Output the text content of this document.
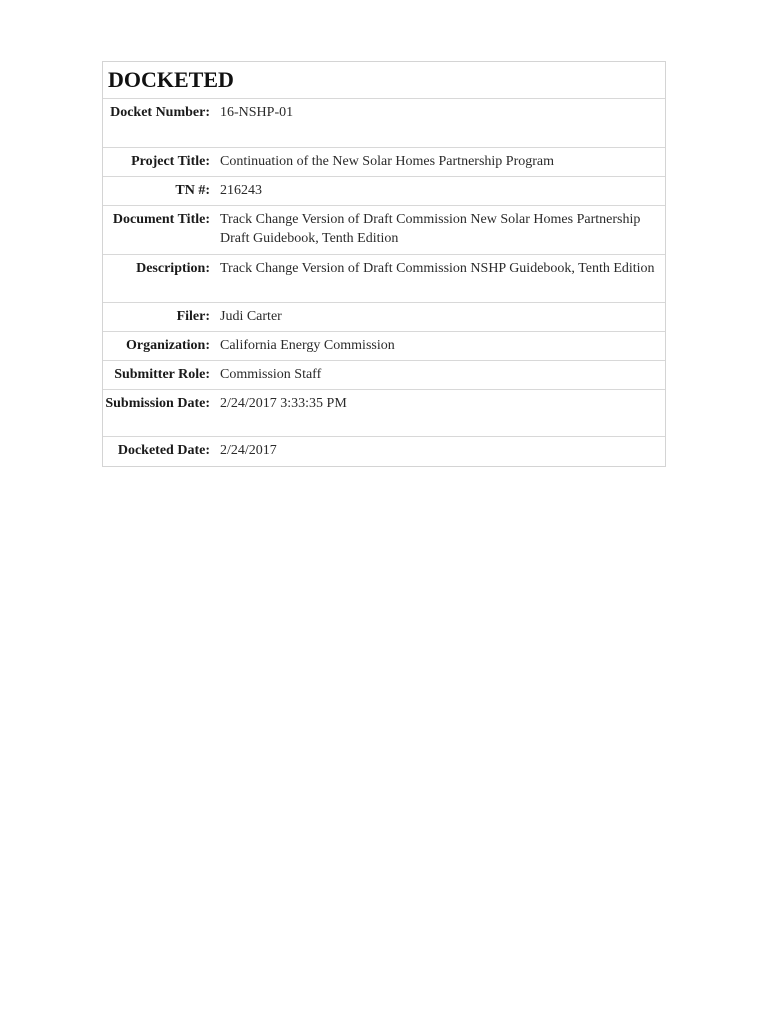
DOCKETED
Docket Number: 16-NSHP-01
Project Title: Continuation of the New Solar Homes Partnership Program
TN #: 216243
Document Title: Track Change Version of Draft Commission New Solar Homes Partnership Draft Guidebook, Tenth Edition
Description: Track Change Version of Draft Commission NSHP Guidebook, Tenth Edition
Filer: Judi Carter
Organization: California Energy Commission
Submitter Role: Commission Staff
Submission Date: 2/24/2017 3:33:35 PM
Docketed Date: 2/24/2017
